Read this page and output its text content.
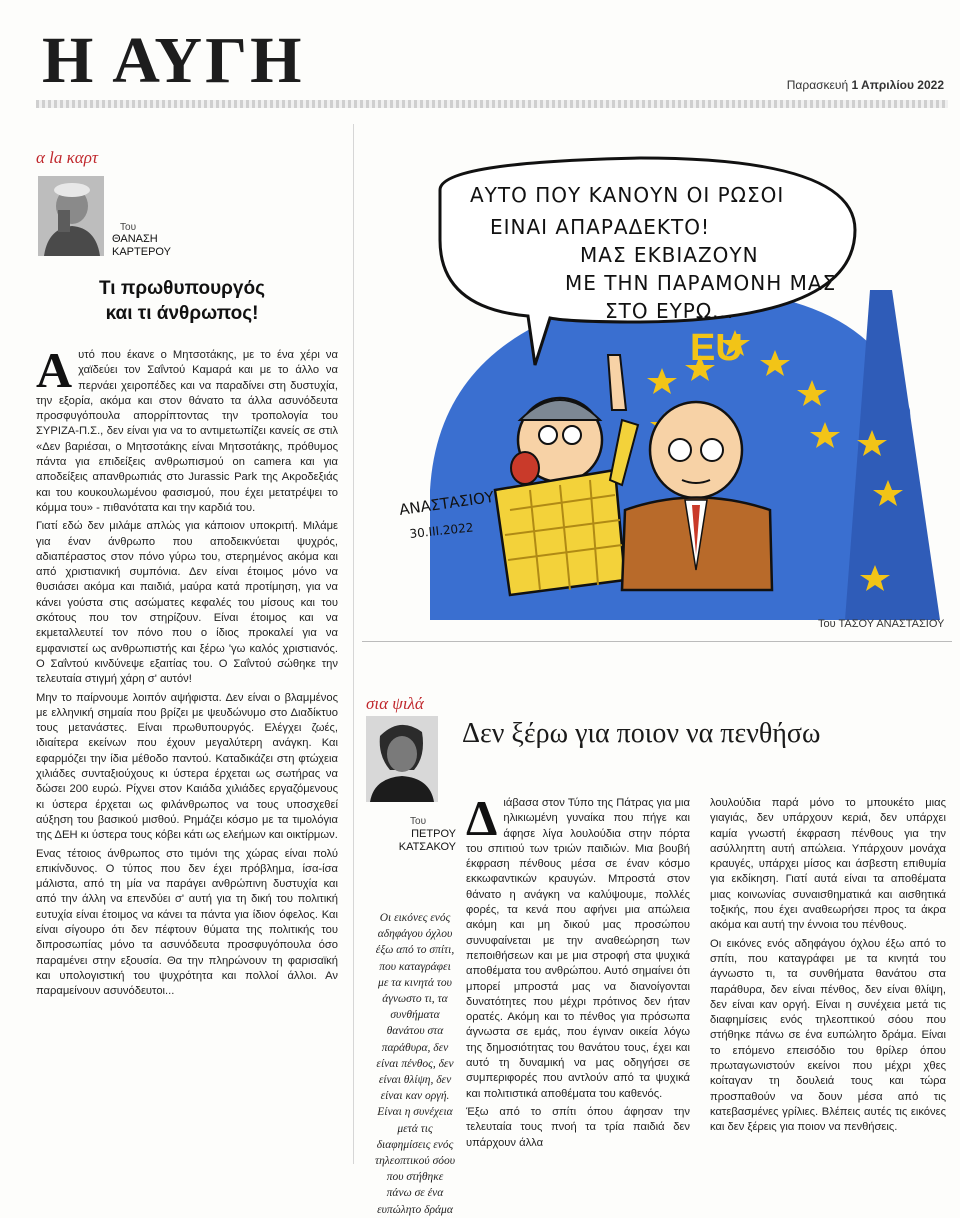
Η ΑΥΓΗ	Παρασκευή 1 Απριλίου 2022
α la καρτ
Του
ΘΑΝΑΣΗ
ΚΑΡΤΕΡΟΥ
Τι πρωθυπουργός
και τι άνθρωπος!

Αυτό που έκανε ο Μητσοτάκης, με το ένα χέρι να χαϊδεύει τον Σαΐντού Καμαρά και με το άλλο να περνάει χειροπέδες και να παραδίνει στη δυστυχία, την εξορία, ακόμα και στον θάνατο τα άλλα ασυνόδευτα προσφυγόπουλα απορρίπτοντας την τροπολογία του ΣΥΡΙΖΑ-Π.Σ., δεν είναι για να το αντιμετωπίζει κανείς σε στιλ «Δεν βαριέσαι, ο Μητσοτάκης είναι Μητσοτάκης, πρόθυμος πάντα για επιδείξεις ανθρωπισμού on camera και για αποδείξεις απανθρωπιάς στο Jurassic Park της Ακροδεξιάς και του κουκουλωμένου φασισμού, που έχει μετατρέψει το κόμμα του» - πιθανότατα και την καρδιά του.

Γιατί εδώ δεν μιλάμε απλώς για κάποιον υποκριτή. Μιλάμε για έναν άνθρωπο που αποδεικνύεται ψυχρός, αδιαπέραστος στον πόνο γύρω του, στερημένος ακόμα και από χριστιανική συμπόνια. Δεν είναι έτοιμος μόνο να θυσιάσει ακόμα και παιδιά, μαύρα κατά προτίμηση, για να κάνει γούστα στις ασώματες κεφαλές του μίσους και του σκότους που τον στηρίζουν. Είναι έτοιμος και να εκμεταλλευτεί τον πόνο που ο ίδιος προκαλεί για να εμφανιστεί ως ανθρωπιστής και ξέρω 'γω καλός χριστιανός. Ο Σαΐντού κινδύνεψε εξαιτίας του. Ο Σαΐντού σώθηκε την τελευταία στιγμή χάρη σ' αυτόν!

Μην το παίρνουμε λοιπόν αψήφιστα. Δεν είναι ο βλαμμένος με ελληνική σημαία που βρίζει με ψευδώνυμο στο Διαδίκτυο τους μετανάστες. Είναι πρωθυπουργός. Ελέγχει ζωές, ιδιαίτερα εκείνων που έχουν μεγαλύτερη ανάγκη. Και εφαρμόζει την ίδια μέθοδο παντού. Καταδικάζει στη φτώχεια χιλιάδες συνταξιούχους κι ύστερα έρχεται ως σωτήρας να δώσει 200 ευρώ. Ρίχνει στον Καιάδα χιλιάδες εργαζόμενους κι ύστερα έρχεται ως φιλάνθρωπος να τους υποσχεθεί αύξηση του βασικού μισθού. Ρημάζει κόσμο με τα τιμολόγια της ΔΕΗ κι ύστερα τους κόβει κάτι ως ελεήμων και οικτίρμων.

Ενας τέτοιος άνθρωπος στο τιμόνι της χώρας είναι πολύ επικίνδυνος. Ο τύπος που δεν έχει πρόβλημα, ίσα-ίσα μάλιστα, από τη μία να παράγει ανθρώπινη δυστυχία και από την άλλη να επενδύει σ' αυτή για τη δική του πολιτική ευτυχία είναι έτοιμος να κάνει τα πάντα για ίδιον όφελος. Και είναι σίγουρο ότι δεν πέφτουν θύματα της πολιτικής του διπροσωπίας μόνο τα ασυνόδευτα προσφυγόπουλα όσο παραμένει στην εξουσία. Θα την πληρώνουν τη φαρισαϊκή και υπολογιστική του ψυχρότητα και πολλοί άλλοι. Αν παραμείνουν ασυνόδευτοι...

EU
ΑΥΤΟ ΠΟΥ ΚΑΝΟΥΝ ΟΙ ΡΩΣΟΙ
ΕΙΝΑΙ ΑΠΑΡΑΔΕΚΤΟ!
ΜΑΣ ΕΚΒΙΑΖΟΥΝ
ΜΕ ΤΗΝ ΠΑΡΑΜΟΝΗ ΜΑΣ
ΣΤΟ ΕΥΡΩ...
ΑΝΑΣΤΑΣΙΟΥ
30.III.2022
Του ΤΑΣΟΥ ΑΝΑΣΤΑΣΙΟΥ
σια ψιλά
Του
ΠΕΤΡΟΥ
ΚΑΤΣΑΚΟΥ
Δεν ξέρω για ποιον να πενθήσω
Οι εικόνες ενός αδηφάγου όχλου έξω από το σπίτι, που καταγράφει με τα κινητά του άγνωστο τι, τα συνθήματα θανάτου στα παράθυρα, δεν είναι πένθος, δεν είναι θλίψη, δεν είναι καν οργή. Είναι η συνέχεια μετά τις διαφημίσεις ενός τηλεοπτικού σόου που στήθηκε πάνω σε ένα ευπώλητο δράμα

Διάβασα στον Τύπο της Πάτρας για μια ηλικιωμένη γυναίκα που πήγε και άφησε λίγα λουλούδια στην πόρτα του σπιτιού των τριών παιδιών. Μια βουβή έκφραση πένθους μέσα σε έναν κόσμο εκκωφαντικών κραυγών. Μπροστά στον θάνατο η ανάγκη να καλύψουμε, πολλές φορές, τα κενά που αφήνει μια απώλεια ακόμη και μη δικού μας προσώπου συνυφαίνεται με την αναθεώρηση των πεποιθήσεων και με μια στροφή στα ψυχικά αποθέματα του ανθρώπου. Αυτό σημαίνει ότι μπορεί μπροστά μας να διανοίγονται δυνατότητες που μέχρι πρότινος δεν ήταν ορατές. Ακόμη και το πένθος για πρόσωπα άγνωστα σε εμάς, που έγιναν οικεία λόγω της δημοσιότητας του θανάτου τους, έχει και αυτό τη δυναμική να μας οδηγήσει σε συμπεριφορές που αντλούν από τα ψυχικά και πολιτιστικά αποθέματα του καθενός.

Έξω από το σπίτι όπου άφησαν την τελευταία τους πνοή τα τρία παιδιά δεν υπάρχουν άλλα

λουλούδια παρά μόνο το μπουκέτο μιας γιαγιάς, δεν υπάρχουν κεριά, δεν υπάρχει καμία γνωστή έκφραση πένθους για την ασύλληπτη αυτή απώλεια. Υπάρχουν μονάχα κραυγές, υπάρχει μίσος και άσβεστη επιθυμία για εκδίκηση. Γιατί αυτά είναι τα αποθέματα μιας κοινωνίας συναισθηματικά και αισθητικά τοξικής, που έχει αναθεωρήσει προς τα άκρα ακόμα και αυτή την έννοια του πένθους.

Οι εικόνες ενός αδηφάγου όχλου έξω από το σπίτι, που καταγράφει με τα κινητά του άγνωστο τι, τα συνθήματα θανάτου στα παράθυρα, δεν είναι πένθος, δεν είναι θλίψη, δεν είναι καν οργή. Είναι η συνέχεια μετά τις διαφημίσεις ενός τηλεοπτικού σόου που στήθηκε πάνω σε ένα ευπώλητο δράμα. Είναι το επόμενο επεισόδιο του θρίλερ όπου πρωταγωνιστούν εκείνοι που μέχρι χθες κοίταγαν τη δουλειά τους και τώρα προσπαθούν να δουν μέσα από τις κατεβασμένες γρίλιες. Βλέπεις αυτές τις εικόνες και δεν ξέρεις για ποιον να πενθήσεις.
